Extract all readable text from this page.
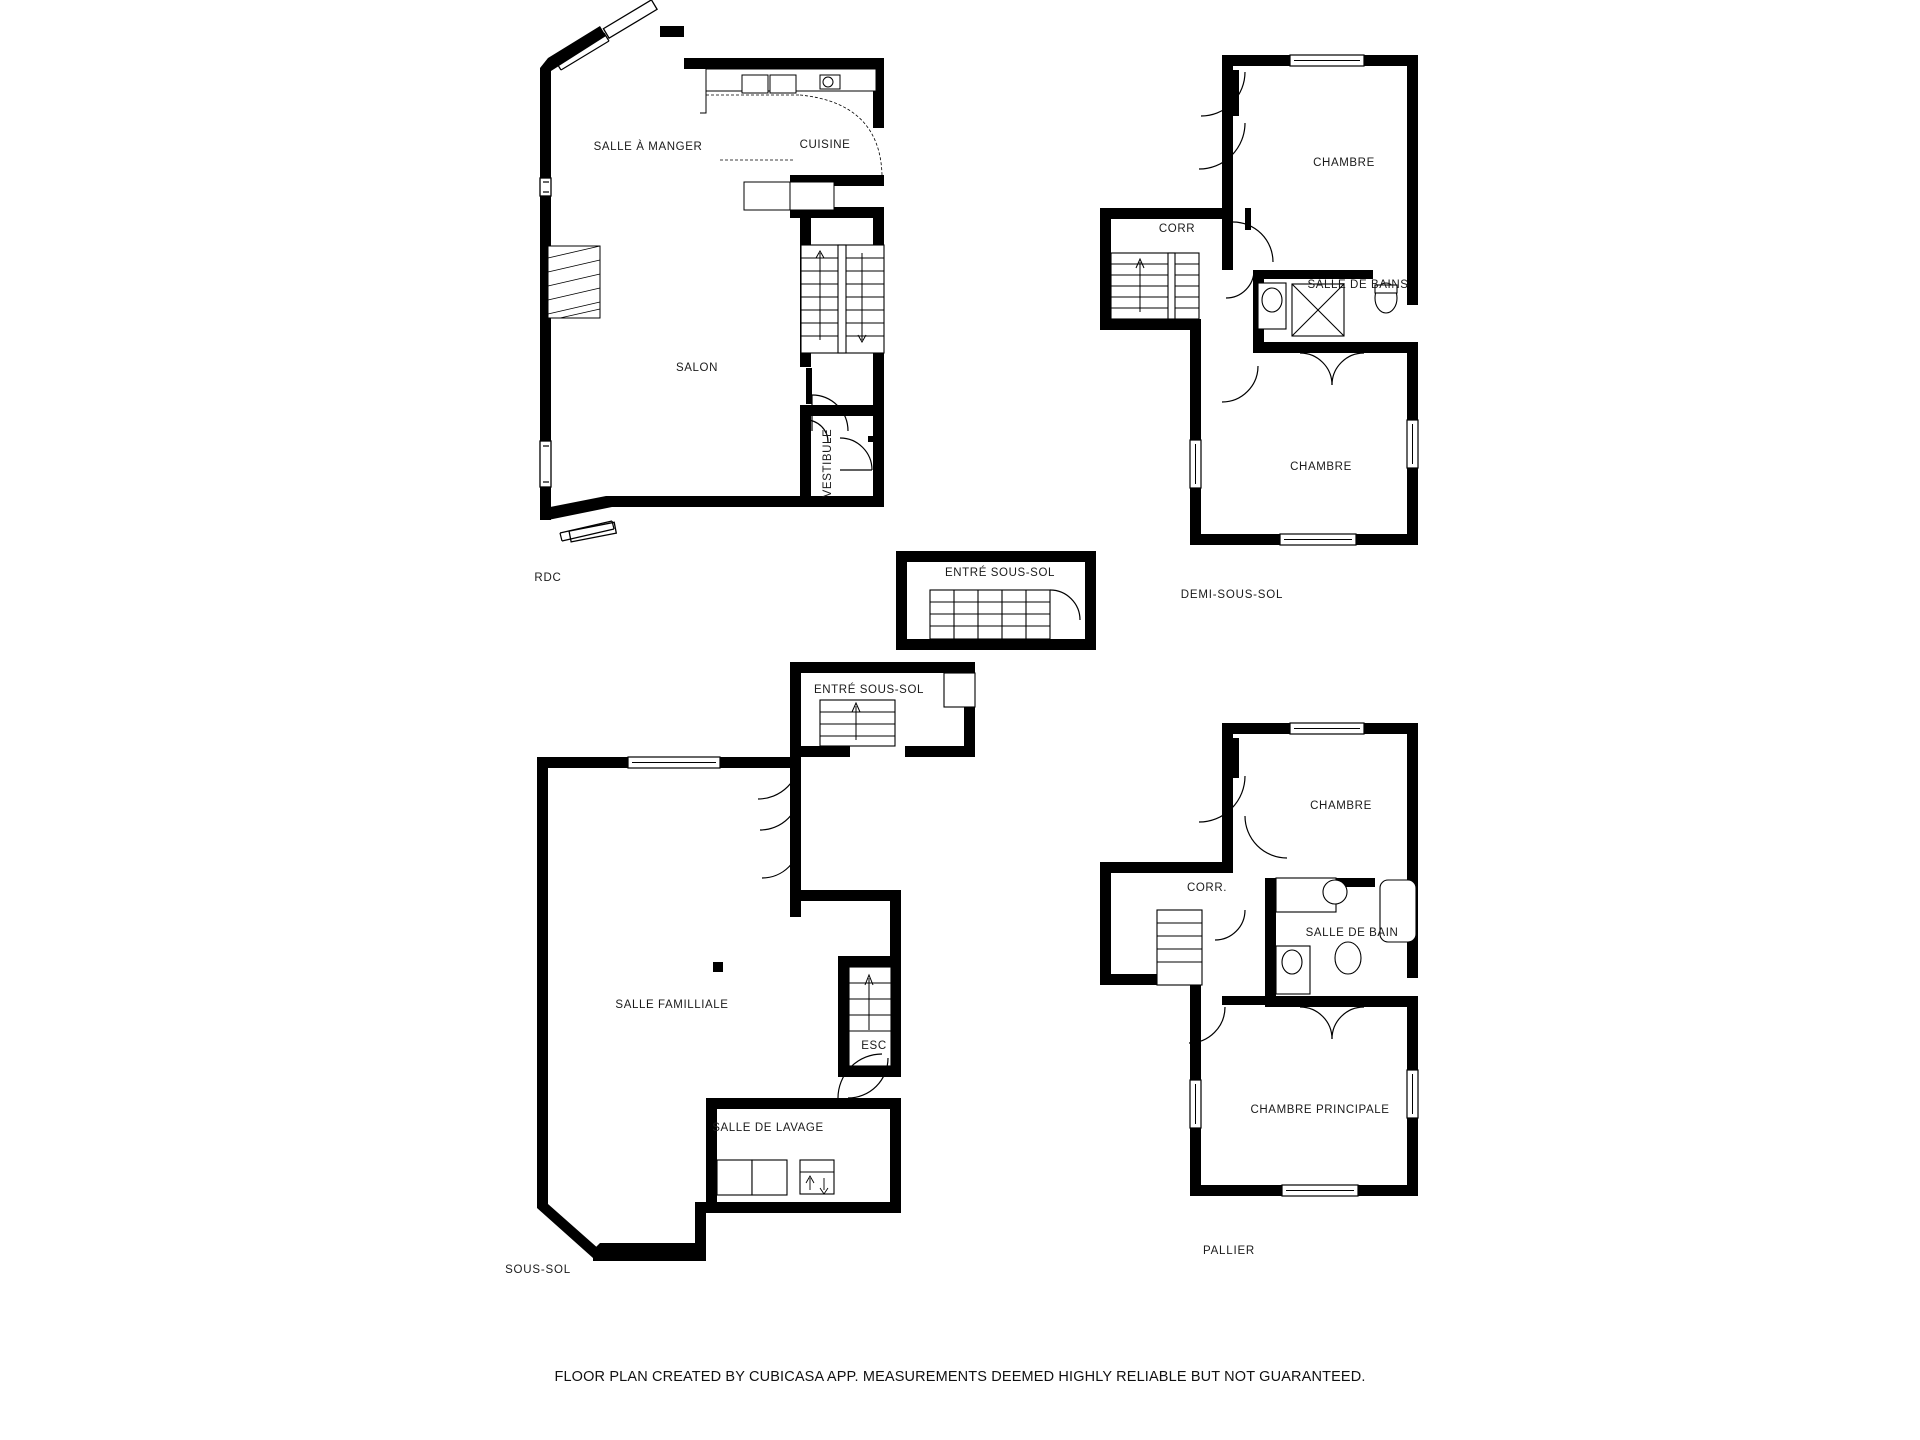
SALLE À MANGER	CUISINE
SALON
VESTIBULE
RDC
CHAMBRE
CORR
SALLE DE BAINS
CHAMBRE
DEMI-SOUS-SOL
ENTRÉ SOUS-SOL
ENTRÉ SOUS-SOL
SALLE FAMILLIALE
ESC
SALLE DE LAVAGE
SOUS-SOL
CHAMBRE
CORR.
SALLE DE BAIN
CHAMBRE PRINCIPALE
PALLIER
FLOOR PLAN CREATED BY CUBICASA APP. MEASUREMENTS DEEMED HIGHLY RELIABLE BUT NOT GUARANTEED.
